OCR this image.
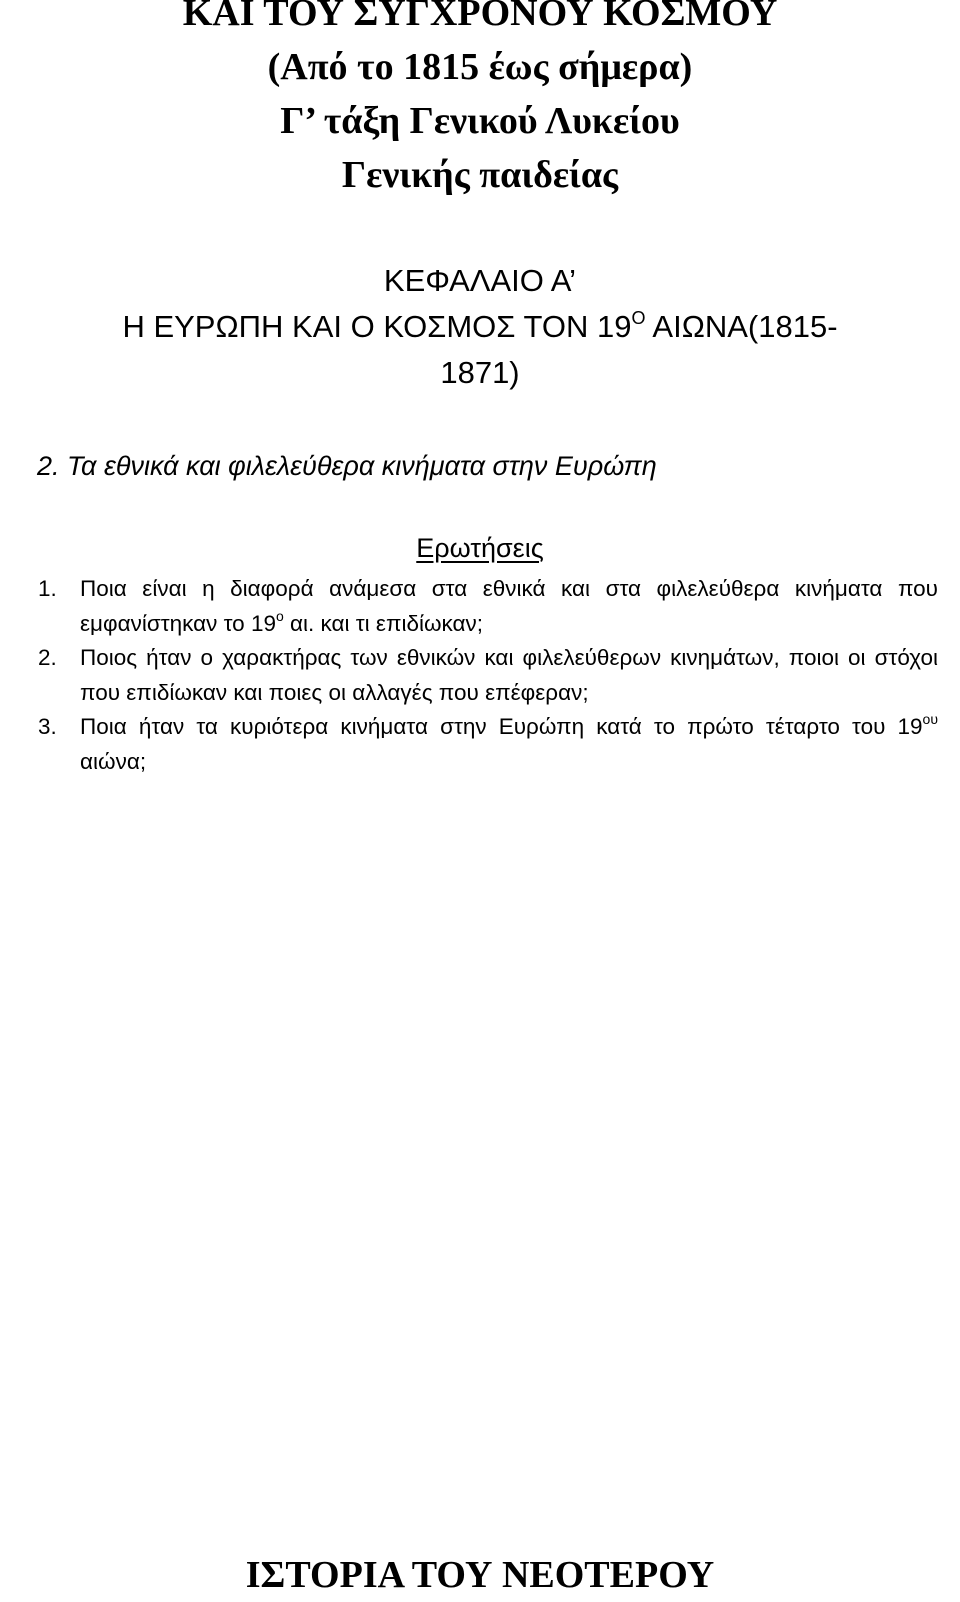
ΚΑΙ ΤΟΥ ΣΥΓΧΡΟΝΟΥ ΚΟΣΜΟΥ
(Από το 1815 έως σήμερα)
Γ’ τάξη Γενικού Λυκείου
Γενικής παιδείας
ΚΕΦΑΛΑΙΟ Α’
Η ΕΥΡΩΠΗ ΚΑΙ Ο ΚΟΣΜΟΣ ΤΟΝ $19^O$ ΑΙΩΝΑ(1815-
1871)
2. Τα εθνικά και φιλελεύθερα κινήματα στην Ευρώπη
Ερωτήσεις

1. Ποια είναι η διαφορά ανάμεσα στα εθνικά και στα φιλελεύθερα κινήματα που εμφανίστηκαν το $19^o$ αι. και τι επιδίωκαν;

2. Ποιος ήταν ο χαρακτήρας των εθνικών και φιλελεύθερων κινημάτων, ποιοι οι στόχοι που επιδίωκαν και ποιες οι αλλαγές που επέφεραν;

3. Ποια ήταν τα κυριότερα κινήματα στην Ευρώπη κατά το πρώτο τέταρτο του $19^{o\upsilon}$ αιώνα;

ΙΣΤΟΡΙΑ ΤΟΥ ΝΕΟΤΕΡΟΥ
